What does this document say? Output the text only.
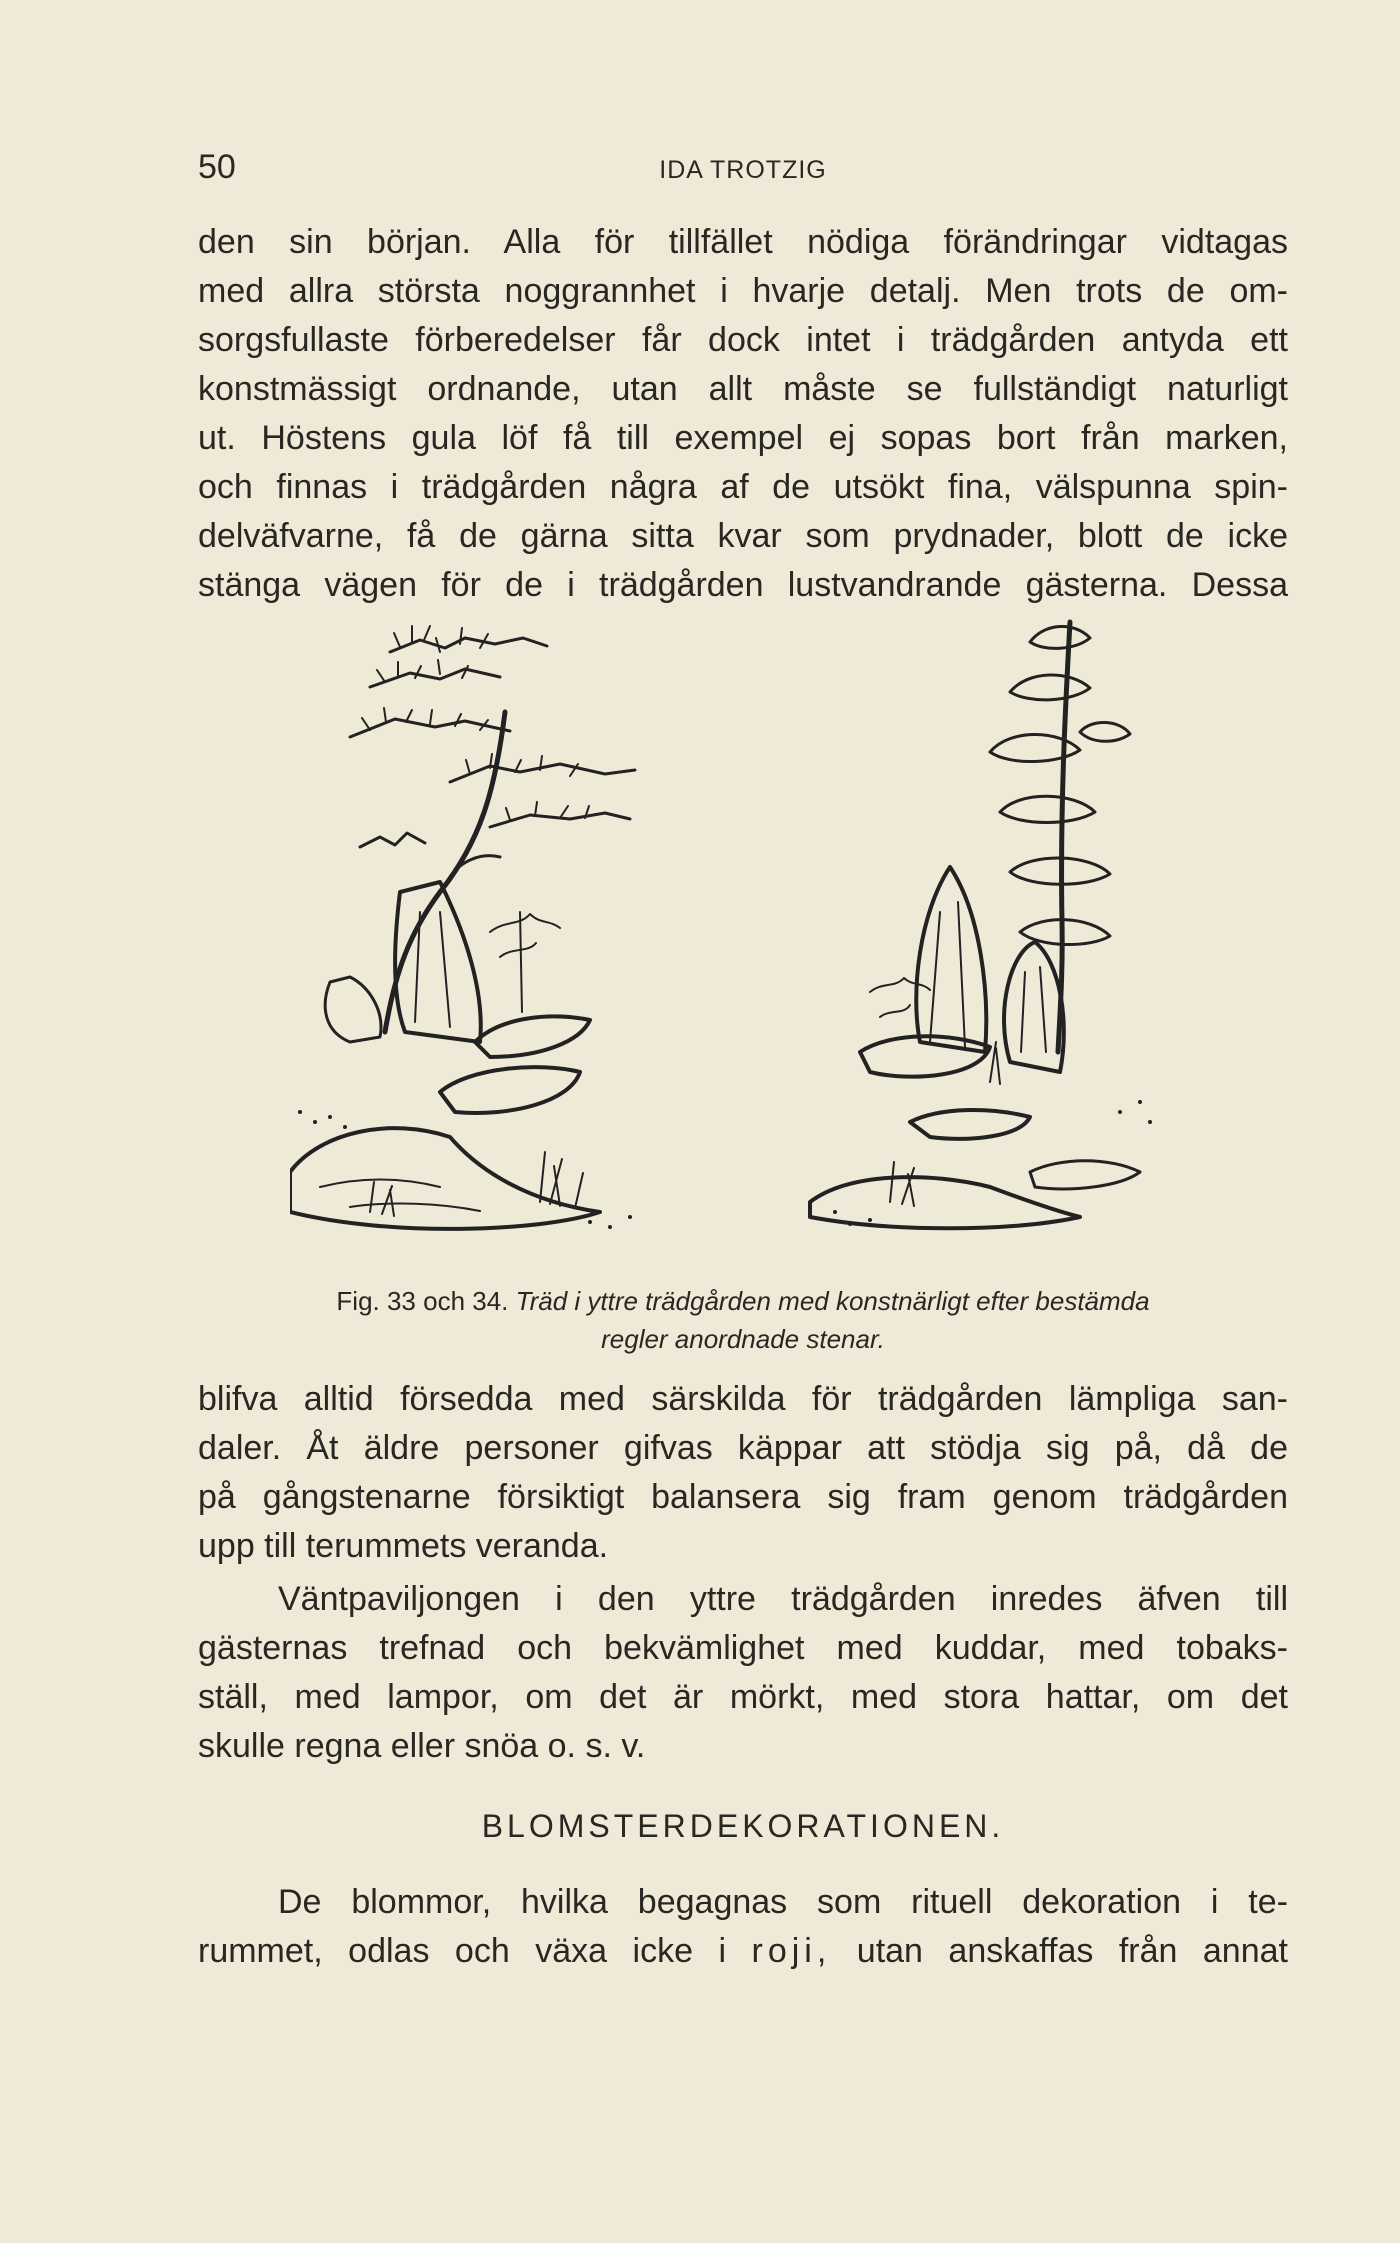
50	IDA TROTZIG
den sin början. Alla för tillfället nödiga förändringar vidtagas
med allra största noggrannhet i hvarje detalj. Men trots de om-
sorgsfullaste förberedelser får dock intet i trädgården antyda ett
konstmässigt ordnande, utan allt måste se fullständigt naturligt
ut. Höstens gula löf få till exempel ej sopas bort från marken,
och finnas i trädgården några af de utsökt fina, välspunna spin-
delväfvarne, få de gärna sitta kvar som prydnader, blott de icke
stänga vägen för de i trädgården lustvandrande gästerna. Dessa
Fig. 33 och 34. Träd i yttre trädgården med konstnärligt efter bestämda
regler anordnade stenar.
blifva alltid försedda med särskilda för trädgården lämpliga san-
daler. Åt äldre personer gifvas käppar att stödja sig på, då de
på gångstenarne försiktigt balansera sig fram genom trädgården
upp till terummets veranda.
Väntpaviljongen i den yttre trädgården inredes äfven till
gästernas trefnad och bekvämlighet med kuddar, med tobaks-
ställ, med lampor, om det är mörkt, med stora hattar, om det
skulle regna eller snöa o. s. v.
BLOMSTERDEKORATIONEN.
De blommor, hvilka begagnas som rituell dekoration i te-
rummet, odlas och växa icke i roji, utan anskaffas från annat
